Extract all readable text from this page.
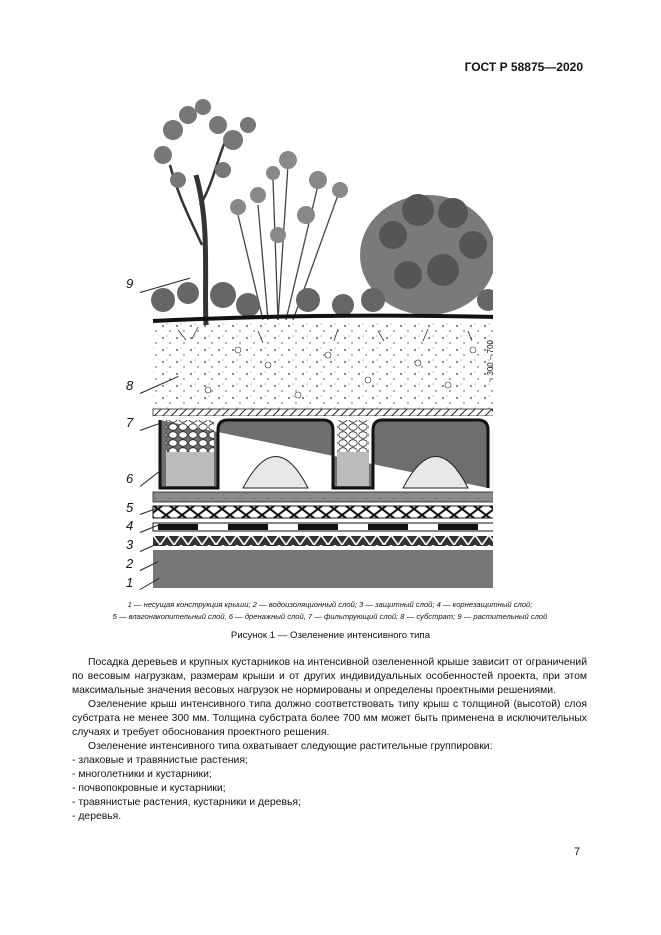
ГОСТ Р 58875—2020
9
8
7
6
5
4
3
2
1
~ 300 – 700
1 — несущая конструкция крыши; 2 — водоизоляционный слой; 3 — защитный слой; 4 — корнезащитный слой;
5 — влагонакопительный слой, 6 — дренажный слой, 7 — фильтрующий слой; 8 — субстрат; 9 — растительный слой
Рисунок 1 — Озеленение интенсивного типа

Посадка деревьев и крупных кустарников на интенсивной озелененной крыше зависит от ограничений по весовым нагрузкам, размерам крыши и от других индивидуальных особенностей проекта, при этом максимальные значения весовых нагрузок не нормированы и определены проектными решениями.

Озеленение крыш интенсивного типа должно соответствовать типу крыш с толщиной (высотой) слоя субстрата не менее 300 мм. Толщина субстрата более 700 мм может быть применена в исключительных случаях и требует обоснования проектного решения.

Озеленение интенсивного типа охватывает следующие растительные группировки:

- злаковые и травянистые растения;
- многолетники и кустарники;
- почвопокровные и кустарники;
- травянистые растения, кустарники и деревья;
- деревья.
7
